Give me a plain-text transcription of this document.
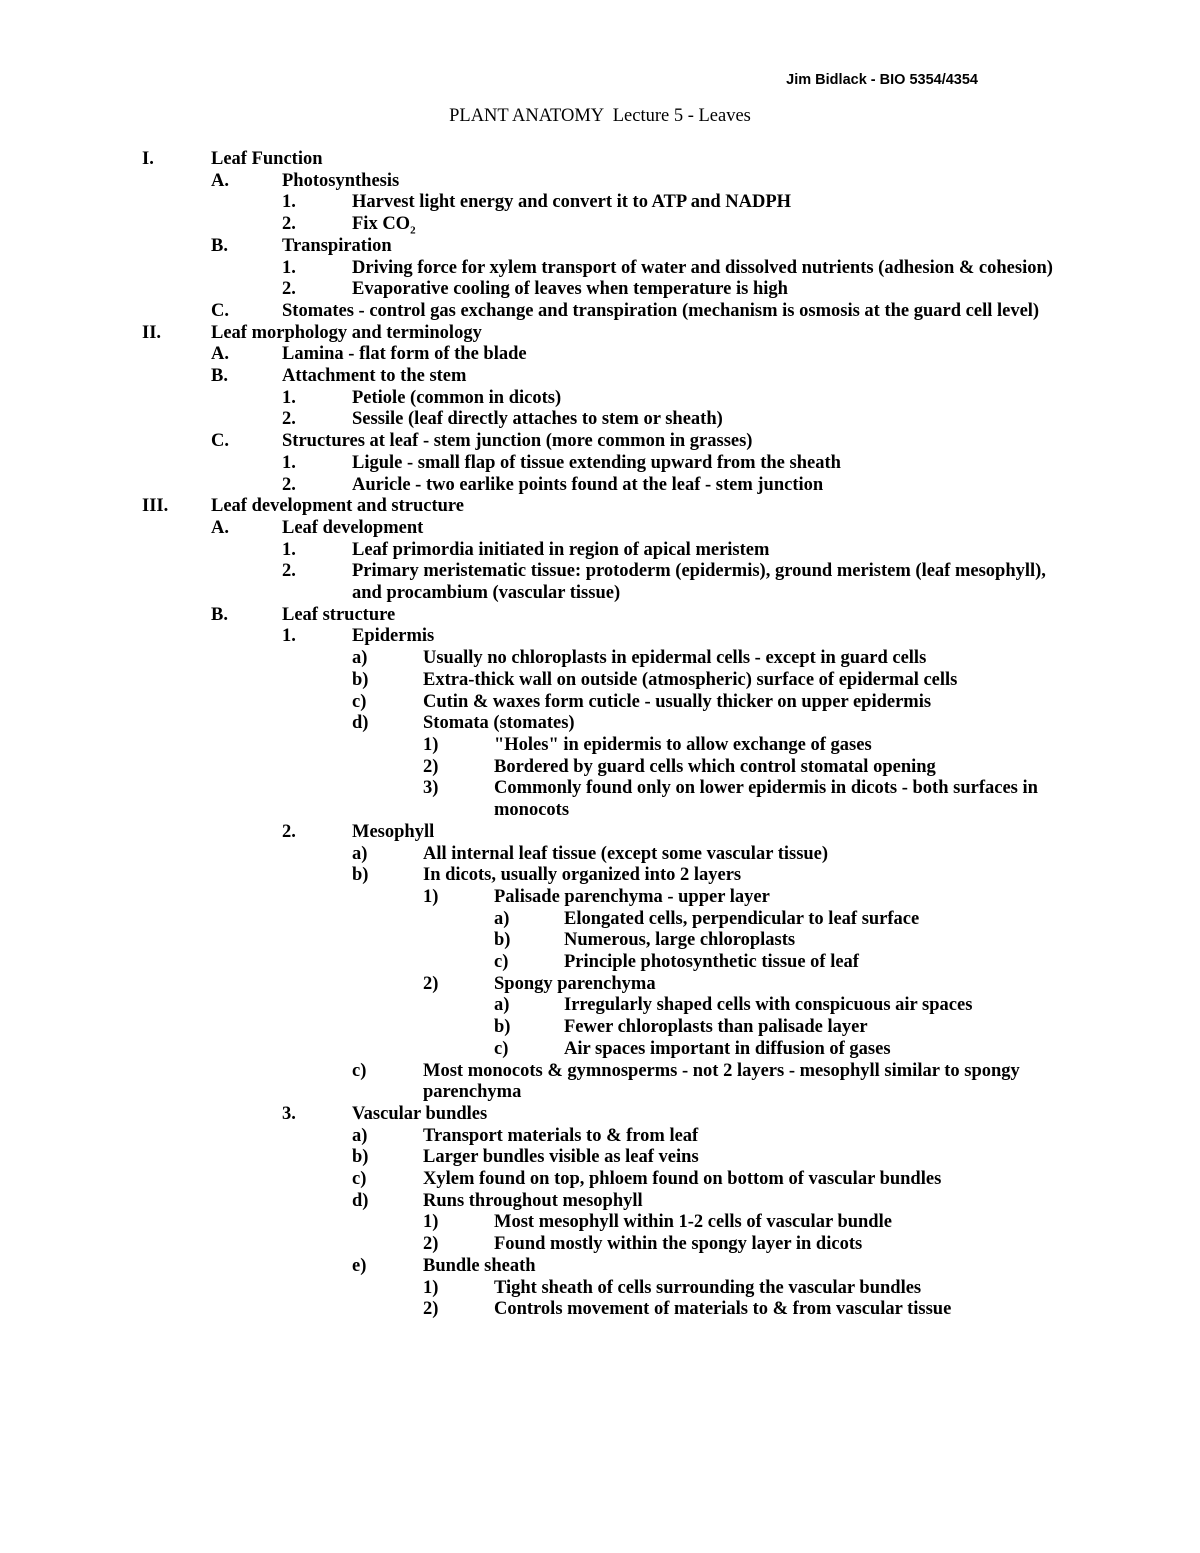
Jim Bidlack - BIO 5354/4354
PLANT ANATOMY  Lecture 5 - Leaves
I.	Leaf Function
A.	Photosynthesis
1.	Harvest light energy and convert it to ATP and NADPH
2.	Fix $CO_2$
B.	Transpiration
1.	Driving force for xylem transport of water and dissolved nutrients (adhesion & cohesion)
2.	Evaporative cooling of leaves when temperature is high
C.	Stomates - control gas exchange and transpiration (mechanism is osmosis at the guard cell level)
II.	Leaf morphology and terminology
A.	Lamina - flat form of the blade
B.	Attachment to the stem
1.	Petiole (common in dicots)
2.	Sessile (leaf directly attaches to stem or sheath)
C.	Structures at leaf - stem junction (more common in grasses)
1.	Ligule - small flap of tissue extending upward from the sheath
2.	Auricle - two earlike points found at the leaf - stem junction
III. Leaf development and structure
A.	Leaf development
1.	Leaf primordia initiated in region of apical meristem
2.	Primary meristematic tissue: protoderm (epidermis), ground meristem (leaf mesophyll), and procambium (vascular tissue)
B.	Leaf structure
1.	Epidermis
a)	Usually no chloroplasts in epidermal cells - except in guard cells
b)	Extra-thick wall on outside (atmospheric) surface of epidermal cells
c)	Cutin & waxes form cuticle - usually thicker on upper epidermis
d)	Stomata (stomates)
1)	"Holes" in epidermis to allow exchange of gases
2)	Bordered by guard cells which control stomatal opening
3)	Commonly found only on lower epidermis in dicots - both surfaces in monocots
2.	Mesophyll
a)	All internal leaf tissue (except some vascular tissue)
b)	In dicots, usually organized into 2 layers
1)	Palisade parenchyma - upper layer
a)	Elongated cells, perpendicular to leaf surface
b)	Numerous, large chloroplasts
c)	Principle photosynthetic tissue of leaf
2)	Spongy parenchyma
a)	Irregularly shaped cells with conspicuous air spaces
b)	Fewer chloroplasts than palisade layer
c)	Air spaces important in diffusion of gases
c)	Most monocots & gymnosperms - not 2 layers - mesophyll similar to spongy parenchyma
3.	Vascular bundles
a)	Transport materials to & from leaf
b)	Larger bundles visible as leaf veins
c)	Xylem found on top, phloem found on bottom of vascular bundles
d)	Runs throughout mesophyll
1)	Most mesophyll within 1-2 cells of vascular bundle
2)	Found mostly within the spongy layer in dicots
e)	Bundle sheath
1)	Tight sheath of cells surrounding the vascular bundles
2)	Controls movement of materials to & from vascular tissue
